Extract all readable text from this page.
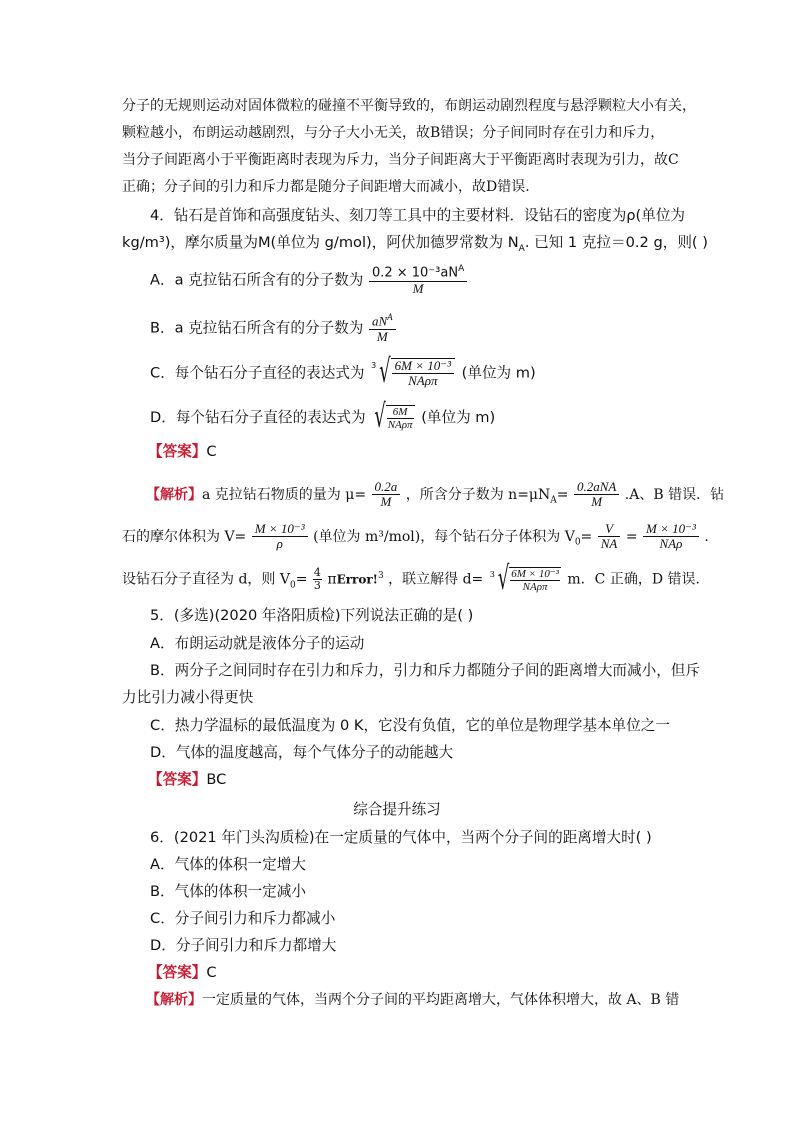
分子的无规则运动对固体微粒的碰撞不平衡导致的，布朗运动剧烈程度与悬浮颗粒大小有关，
颗粒越小，布朗运动越剧烈，与分子大小无关，故B错误；分子间同时存在引力和斥力，
当分子间距离小于平衡距离时表现为斥力，当分子间距离大于平衡距离时表现为引力，故C
正确；分子间的引力和斥力都是随分子间距增大而减小，故D错误.
4．钻石是首饰和高强度钻头、刻刀等工具中的主要材料．设钻石的密度为ρ(单位为
kg/m³)，摩尔质量为M(单位为 g/mol)，阿伏加德罗常数为 $N_A$. 已知 1 克拉＝0.2 g，则( )
A．a 克拉钻石所含有的分子数为 $\frac{0.2 \times 10^{-3}aN^A}{M}$
B．a 克拉钻石所含有的分子数为 $\frac{aN^A}{M}$
C．每个钻石分子直径的表达式为 3 √ $\frac{\text{6M × 10⁻³}}{\text{NAρπ}}$ (单位为 m)
D．每个钻石分子直径的表达式为 √ $\frac{6M}{\text{NAρπ}}$ (单位为 m)
【答案】C
【解析】a 克拉钻石物质的量为 $\mu= \frac{0.2a}{M}$ ，所含分子数为 $n=\mu N_A= \frac{\text{0.2aNA}}{M} .A$、B 错误．钻
石的摩尔体积为 $V= \frac{\text{M × 10⁻³}}{\rho}$ (单位为 m³/mol)，每个钻石分子体积为 $V_0= \frac{V}{NA} = \frac{\text{M × 10⁻³}}{\text{NAρ}}$ .
设钻石分子直径为 d，则 $V_0= \frac{4}{3}$ πError!$^3$ ，联立解得 d= 3 √ $\frac{\text{6M × 10⁻³}}{\text{NAρπ}}$ m．C 正确，D 错误．
5．(多选)(2020 年洛阳质检)下列说法正确的是( )
A．布朗运动就是液体分子的运动
B．两分子之间同时存在引力和斥力，引力和斥力都随分子间的距离增大而减小，但斥
力比引力减小得更快
C．热力学温标的最低温度为 0 K，它没有负值，它的单位是物理学基本单位之一
D．气体的温度越高，每个气体分子的动能越大
【答案】BC
综合提升练习
6．(2021 年门头沟质检)在一定质量的气体中，当两个分子间的距离增大时( )
A．气体的体积一定增大
B．气体的体积一定减小
C．分子间引力和斥力都减小
D．分子间引力和斥力都增大
【答案】C
【解析】一定质量的气体，当两个分子间的平均距离增大，气体体积增大，故 A、B 错
